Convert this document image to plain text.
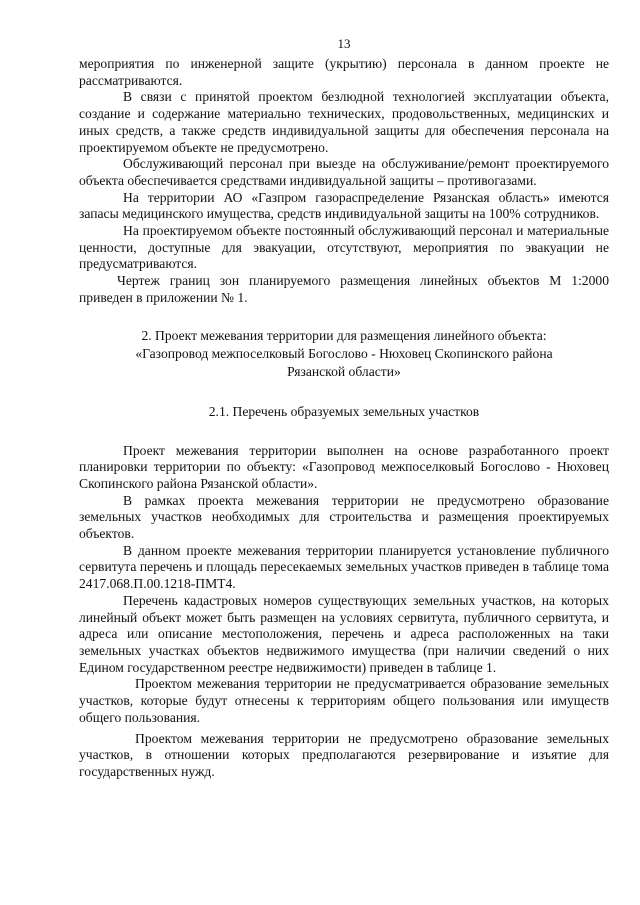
13

мероприятия по инженерной защите (укрытию) персонала в данном проекте не рассматриваются.

В связи с принятой проектом безлюдной технологией эксплуатации объекта, создание и содержание материально технических, продовольственных, медицинских и иных средств, а также средств индивидуальной защиты для обеспечения персонала на проектируемом объекте не предусмотрено.

Обслуживающий персонал при выезде на обслуживание/ремонт проектируемого объекта обеспечивается средствами индивидуальной защиты – противогазами.

На территории АО «Газпром газораспределение Рязанская область» имеются запасы медицинского имущества, средств индивидуальной защиты на 100% сотрудников.

На проектируемом объекте постоянный обслуживающий персонал и материальные ценности, доступные для эвакуации, отсутствуют, мероприятия по эвакуации не предусматриваются.

Чертеж границ зон планируемого размещения линейных объектов М 1:2000 приведен в приложении № 1.

2. Проект межевания территории для размещения линейного объекта:

«Газопровод межпоселковый Богослово - Нюховец Скопинского района

Рязанской области»

2.1. Перечень образуемых земельных участков

Проект межевания территории выполнен на основе разработанного проект планировки территории по объекту: «Газопровод межпоселковый Богослово - Нюховец Скопинского района Рязанской области».

В рамках проекта межевания территории не предусмотрено образование земельных участков необходимых для строительства и размещения проектируемых объектов.

В данном проекте межевания территории планируется установление публичного сервитута перечень и площадь пересекаемых земельных участков приведен в таблице тома 2417.068.П.00.1218-ПМТ4.

Перечень кадастровых номеров существующих земельных участков, на которых линейный объект может быть размещен на условиях сервитута, публичного сервитута, и адреса или описание местоположения, перечень и адреса расположенных на таки земельных участках объектов недвижимого имущества (при наличии сведений о них Едином государственном реестре недвижимости) приведен в таблице 1.

Проектом межевания территории не предусматривается образование земельных участков, которые будут отнесены к территориям общего пользования или имуществ общего пользования.

Проектом межевания территории не предусмотрено образование земельных участков, в отношении которых предполагаются резервирование и изъятие для государственных нужд.
